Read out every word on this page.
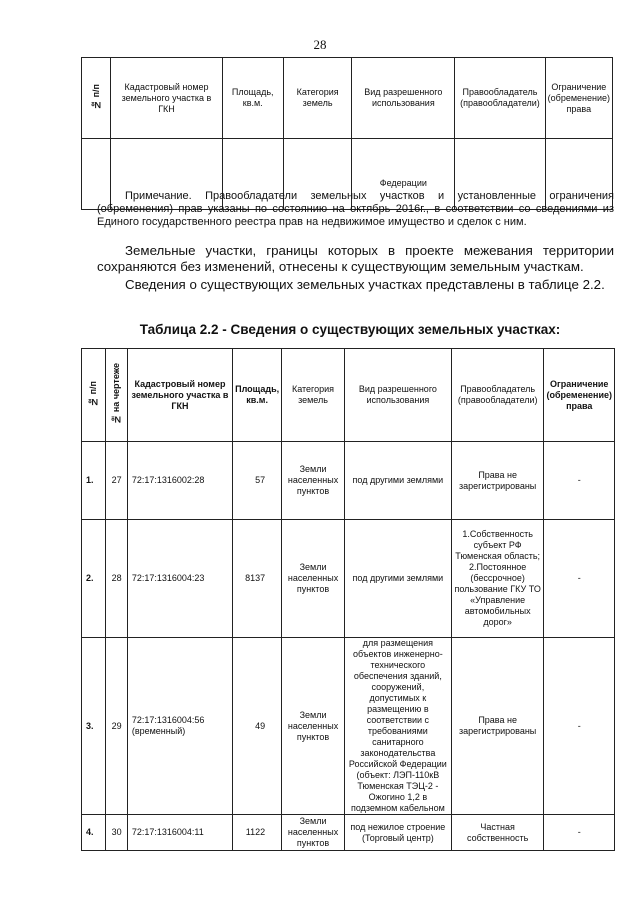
28
№ п/п	Кадастровый номер земельного участка в ГКН	Площадь, кв.м.	Категория земель	Вид разрешенного использования	Правообладатель (правообладатели)	Ограничение (обременение) права
				Федерации		

Примечание. Правообладатели земельных участков и установленные ограничения (обременения) прав указаны по состоянию на октябрь 2016г., в соответствии со сведениями из Единого государственного реестра прав на недвижимое имущество и сделок с ним.

Земельные участки, границы которых в проекте межевания территории сохраняются без изменений, отнесены к существующим земельным участкам.

Сведения о существующих земельных участках представлены в таблице 2.2.

Таблица 2.2 - Сведения о существующих земельных участках:
№ п/п	№ на чертеже	Кадастровый номер земельного участка в ГКН	Площадь, кв.м.	Категория земель	Вид разрешенного использования	Правообладатель (правообладатели)	Ограничение (обременение) права
1.	27	72:17:1316002:28	57	Земли населенных пунктов	под другими землями	Права не зарегистрированы	-
2.	28	72:17:1316004:23	8137	Земли населенных пунктов	под другими землями	1.Собственность субъект РФ Тюменская область; 2.Постоянное (бессрочное) пользование ГКУ ТО «Управление автомобильных дорог»	-
3.	29	72:17:1316004:56 (временный)	49	Земли населенных пунктов	для размещения объектов инженерно-технического обеспечения зданий, сооружений, допустимых к размещению в соответствии с требованиями санитарного законодательства Российской Федерации (объект: ЛЭП-110кВ Тюменская ТЭЦ-2 - Ожогино 1,2 в подземном кабельном	Права не зарегистрированы	-
4.	30	72:17:1316004:11	1122	Земли населенных пунктов	под нежилое строение (Торговый центр)	Частная собственность	-
